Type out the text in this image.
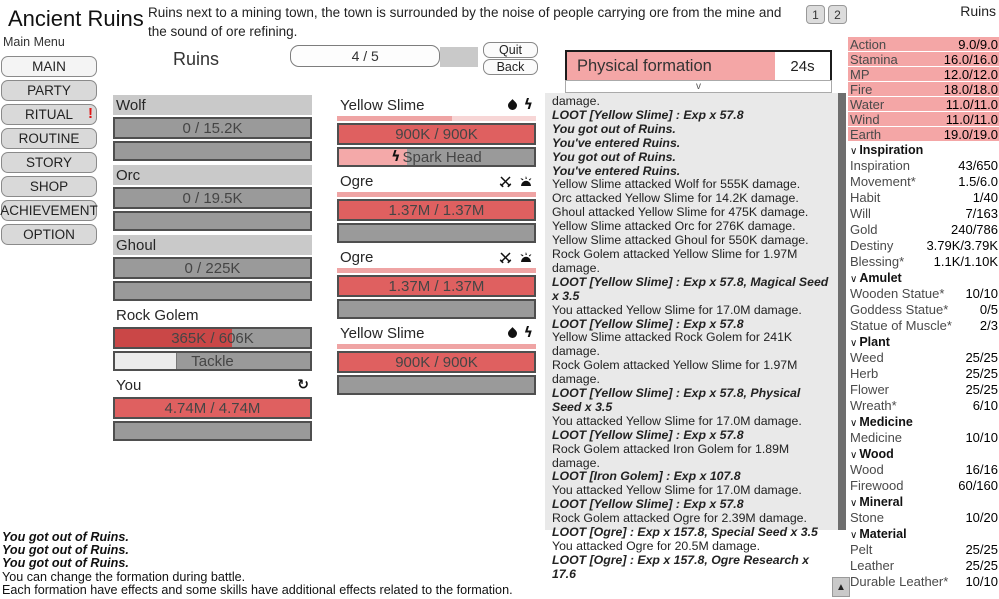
Ancient Ruins Ruins next to a mining town, the town is surrounded by the noise of people carrying ore from the mine and the sound of ore refining.
1	2	Ruins
Main Menu
MAIN
PARTY
RITUAL !
ROUTINE
STORY
SHOP
ACHIEVEMENT
OPTION
Ruins	4 / 5	Quit
Back
Wolf
0 / 15.2K
Orc
0 / 19.5K
Ghoul
0 / 225K
Rock Golem
365K / 606K
Tackle
You	↻
4.74M / 4.74M
Yellow Slime	ϟ
900K / 900K
ϟ Spark Head
Ogre
1.37M / 1.37M
Ogre
1.37M / 1.37M
Yellow Slime	ϟ
900K / 900K
Physical formation	24s
v
damage.
LOOT [Yellow Slime] : Exp x 57.8
You got out of Ruins.
You've entered Ruins.
You got out of Ruins.
You've entered Ruins.
Yellow Slime attacked Wolf for 555K damage.
Orc attacked Yellow Slime for 14.2K damage.
Ghoul attacked Yellow Slime for 475K damage.
Yellow Slime attacked Orc for 276K damage.
Yellow Slime attacked Ghoul for 550K damage.
Rock Golem attacked Yellow Slime for 1.97M damage.
LOOT [Yellow Slime] : Exp x 57.8, Magical Seed x 3.5
You attacked Yellow Slime for 17.0M damage.
LOOT [Yellow Slime] : Exp x 57.8
Yellow Slime attacked Rock Golem for 241K damage.
Rock Golem attacked Yellow Slime for 1.97M damage.
LOOT [Yellow Slime] : Exp x 57.8, Physical Seed x 3.5
You attacked Yellow Slime for 17.0M damage.
LOOT [Yellow Slime] : Exp x 57.8
Rock Golem attacked Iron Golem for 1.89M damage.
LOOT [Iron Golem] : Exp x 107.8
You attacked Yellow Slime for 17.0M damage.
LOOT [Yellow Slime] : Exp x 57.8
Rock Golem attacked Ogre for 2.39M damage.
LOOT [Ogre] : Exp x 157.8, Special Seed x 3.5
You attacked Ogre for 20.5M damage.
LOOT [Ogre] : Exp x 157.8, Ogre Research x 17.6
▲
You got out of Ruins.
You got out of Ruins.
You got out of Ruins.
You can change the formation during battle.
Each formation have effects and some skills have additional effects related to the formation.
Action	9.0/9.0
Stamina	16.0/16.0
MP	12.0/12.0
Fire	18.0/18.0
Water	11.0/11.0
Wind	11.0/11.0
Earth	19.0/19.0
∨ Inspiration
Inspiration	43/650
Movement*	1.5/6.0
Habit	1/40
Will	7/163
Gold	240/786
Destiny	3.79K/3.79K
Blessing* 1.1K/1.10K
∨ Amulet
Wooden Statue* 10/10
Goddess Statue* 0/5
Statue of Muscle* 2/3
∨ Plant
Weed	25/25
Herb	25/25
Flower	25/25
Wreath*	6/10
∨ Medicine
Medicine	10/10
∨ Wood
Wood	16/16
Firewood	60/160
∨ Mineral
Stone	10/20
∨ Material
Pelt	25/25
Leather	25/25
Durable Leather* 10/10
